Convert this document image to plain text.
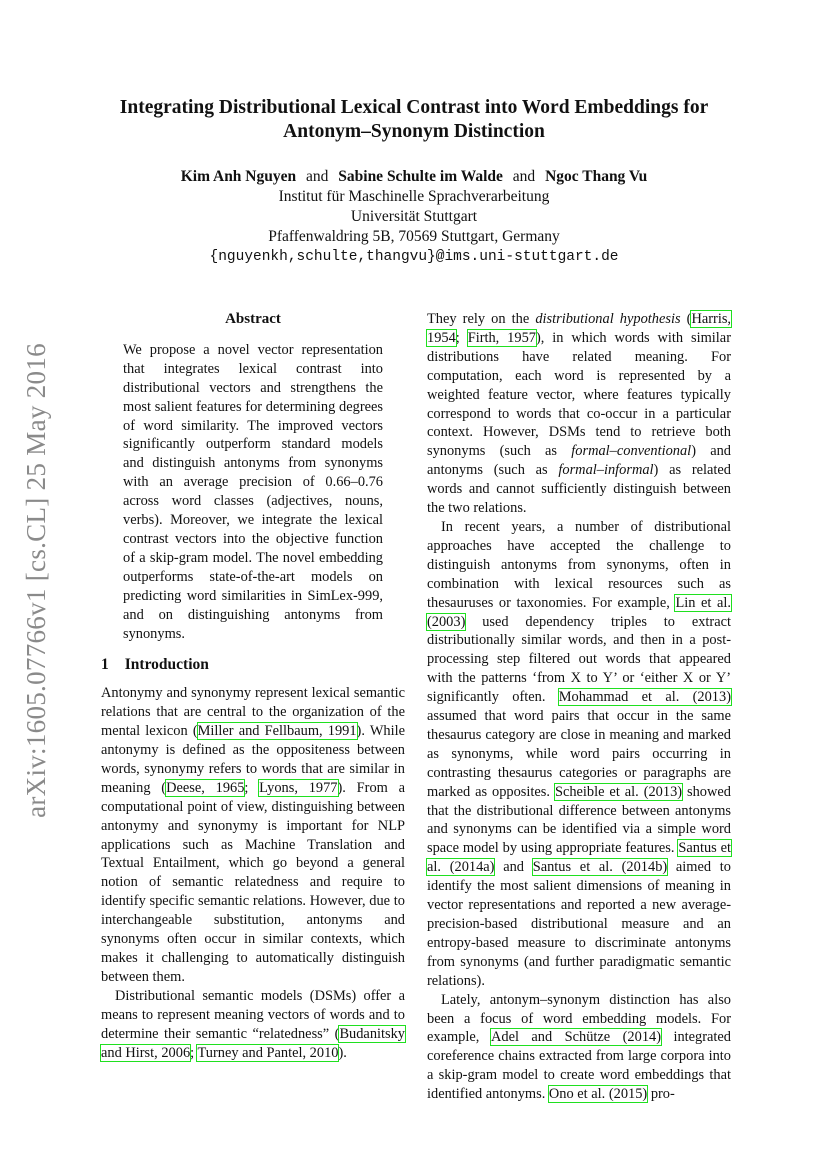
arXiv:1605.07766v1 [cs.CL] 25 May 2016
Integrating Distributional Lexical Contrast into Word Embeddings for
Antonym–Synonym Distinction
Kim Anh Nguyen and Sabine Schulte im Walde and Ngoc Thang Vu
Institut für Maschinelle Sprachverarbeitung
Universität Stuttgart
Pfaffenwaldring 5B, 70569 Stuttgart, Germany
{nguyenkh,schulte,thangvu}@ims.uni-stuttgart.de
Abstract

We propose a novel vector representation that integrates lexical contrast into distributional vectors and strengthens the most salient features for determining degrees of word similarity. The improved vectors significantly outperform standard models and distinguish antonyms from synonyms with an average precision of 0.66–0.76 across word classes (adjectives, nouns, verbs). Moreover, we integrate the lexical contrast vectors into the objective function of a skip-gram model. The novel embedding outperforms state-of-the-art models on predicting word similarities in SimLex-999, and on distinguishing antonyms from synonyms.

1 Introduction

Antonymy and synonymy represent lexical semantic relations that are central to the organization of the mental lexicon (Miller and Fellbaum, 1991). While antonymy is defined as the oppositeness between words, synonymy refers to words that are similar in meaning (Deese, 1965; Lyons, 1977). From a computational point of view, distinguishing between antonymy and synonymy is important for NLP applications such as Machine Translation and Textual Entailment, which go beyond a general notion of semantic relatedness and require to identify specific semantic relations. However, due to interchangeable substitution, antonyms and synonyms often occur in similar contexts, which makes it challenging to automatically distinguish between them.

Distributional semantic models (DSMs) offer a means to represent meaning vectors of words and to determine their semantic “relatedness” (Budanitsky and Hirst, 2006; Turney and Pantel, 2010).

They rely on the distributional hypothesis (Harris, 1954; Firth, 1957), in which words with similar distributions have related meaning. For computation, each word is represented by a weighted feature vector, where features typically correspond to words that co-occur in a particular context. However, DSMs tend to retrieve both synonyms (such as formal–conventional) and antonyms (such as formal–informal) as related words and cannot sufficiently distinguish between the two relations.

In recent years, a number of distributional approaches have accepted the challenge to distinguish antonyms from synonyms, often in combination with lexical resources such as thesauruses or taxonomies. For example, Lin et al. (2003) used dependency triples to extract distributionally similar words, and then in a post-processing step filtered out words that appeared with the patterns ‘from X to Y’ or ‘either X or Y’ significantly often. Mohammad et al. (2013) assumed that word pairs that occur in the same thesaurus category are close in meaning and marked as synonyms, while word pairs occurring in contrasting thesaurus categories or paragraphs are marked as opposites. Scheible et al. (2013) showed that the distributional difference between antonyms and synonyms can be identified via a simple word space model by using appropriate features. Santus et al. (2014a) and Santus et al. (2014b) aimed to identify the most salient dimensions of meaning in vector representations and reported a new average-precision-based distributional measure and an entropy-based measure to discriminate antonyms from synonyms (and further paradigmatic semantic relations).

Lately, antonym–synonym distinction has also been a focus of word embedding models. For example, Adel and Schütze (2014) integrated coreference chains extracted from large corpora into a skip-gram model to create word embeddings that identified antonyms. Ono et al. (2015) pro-
